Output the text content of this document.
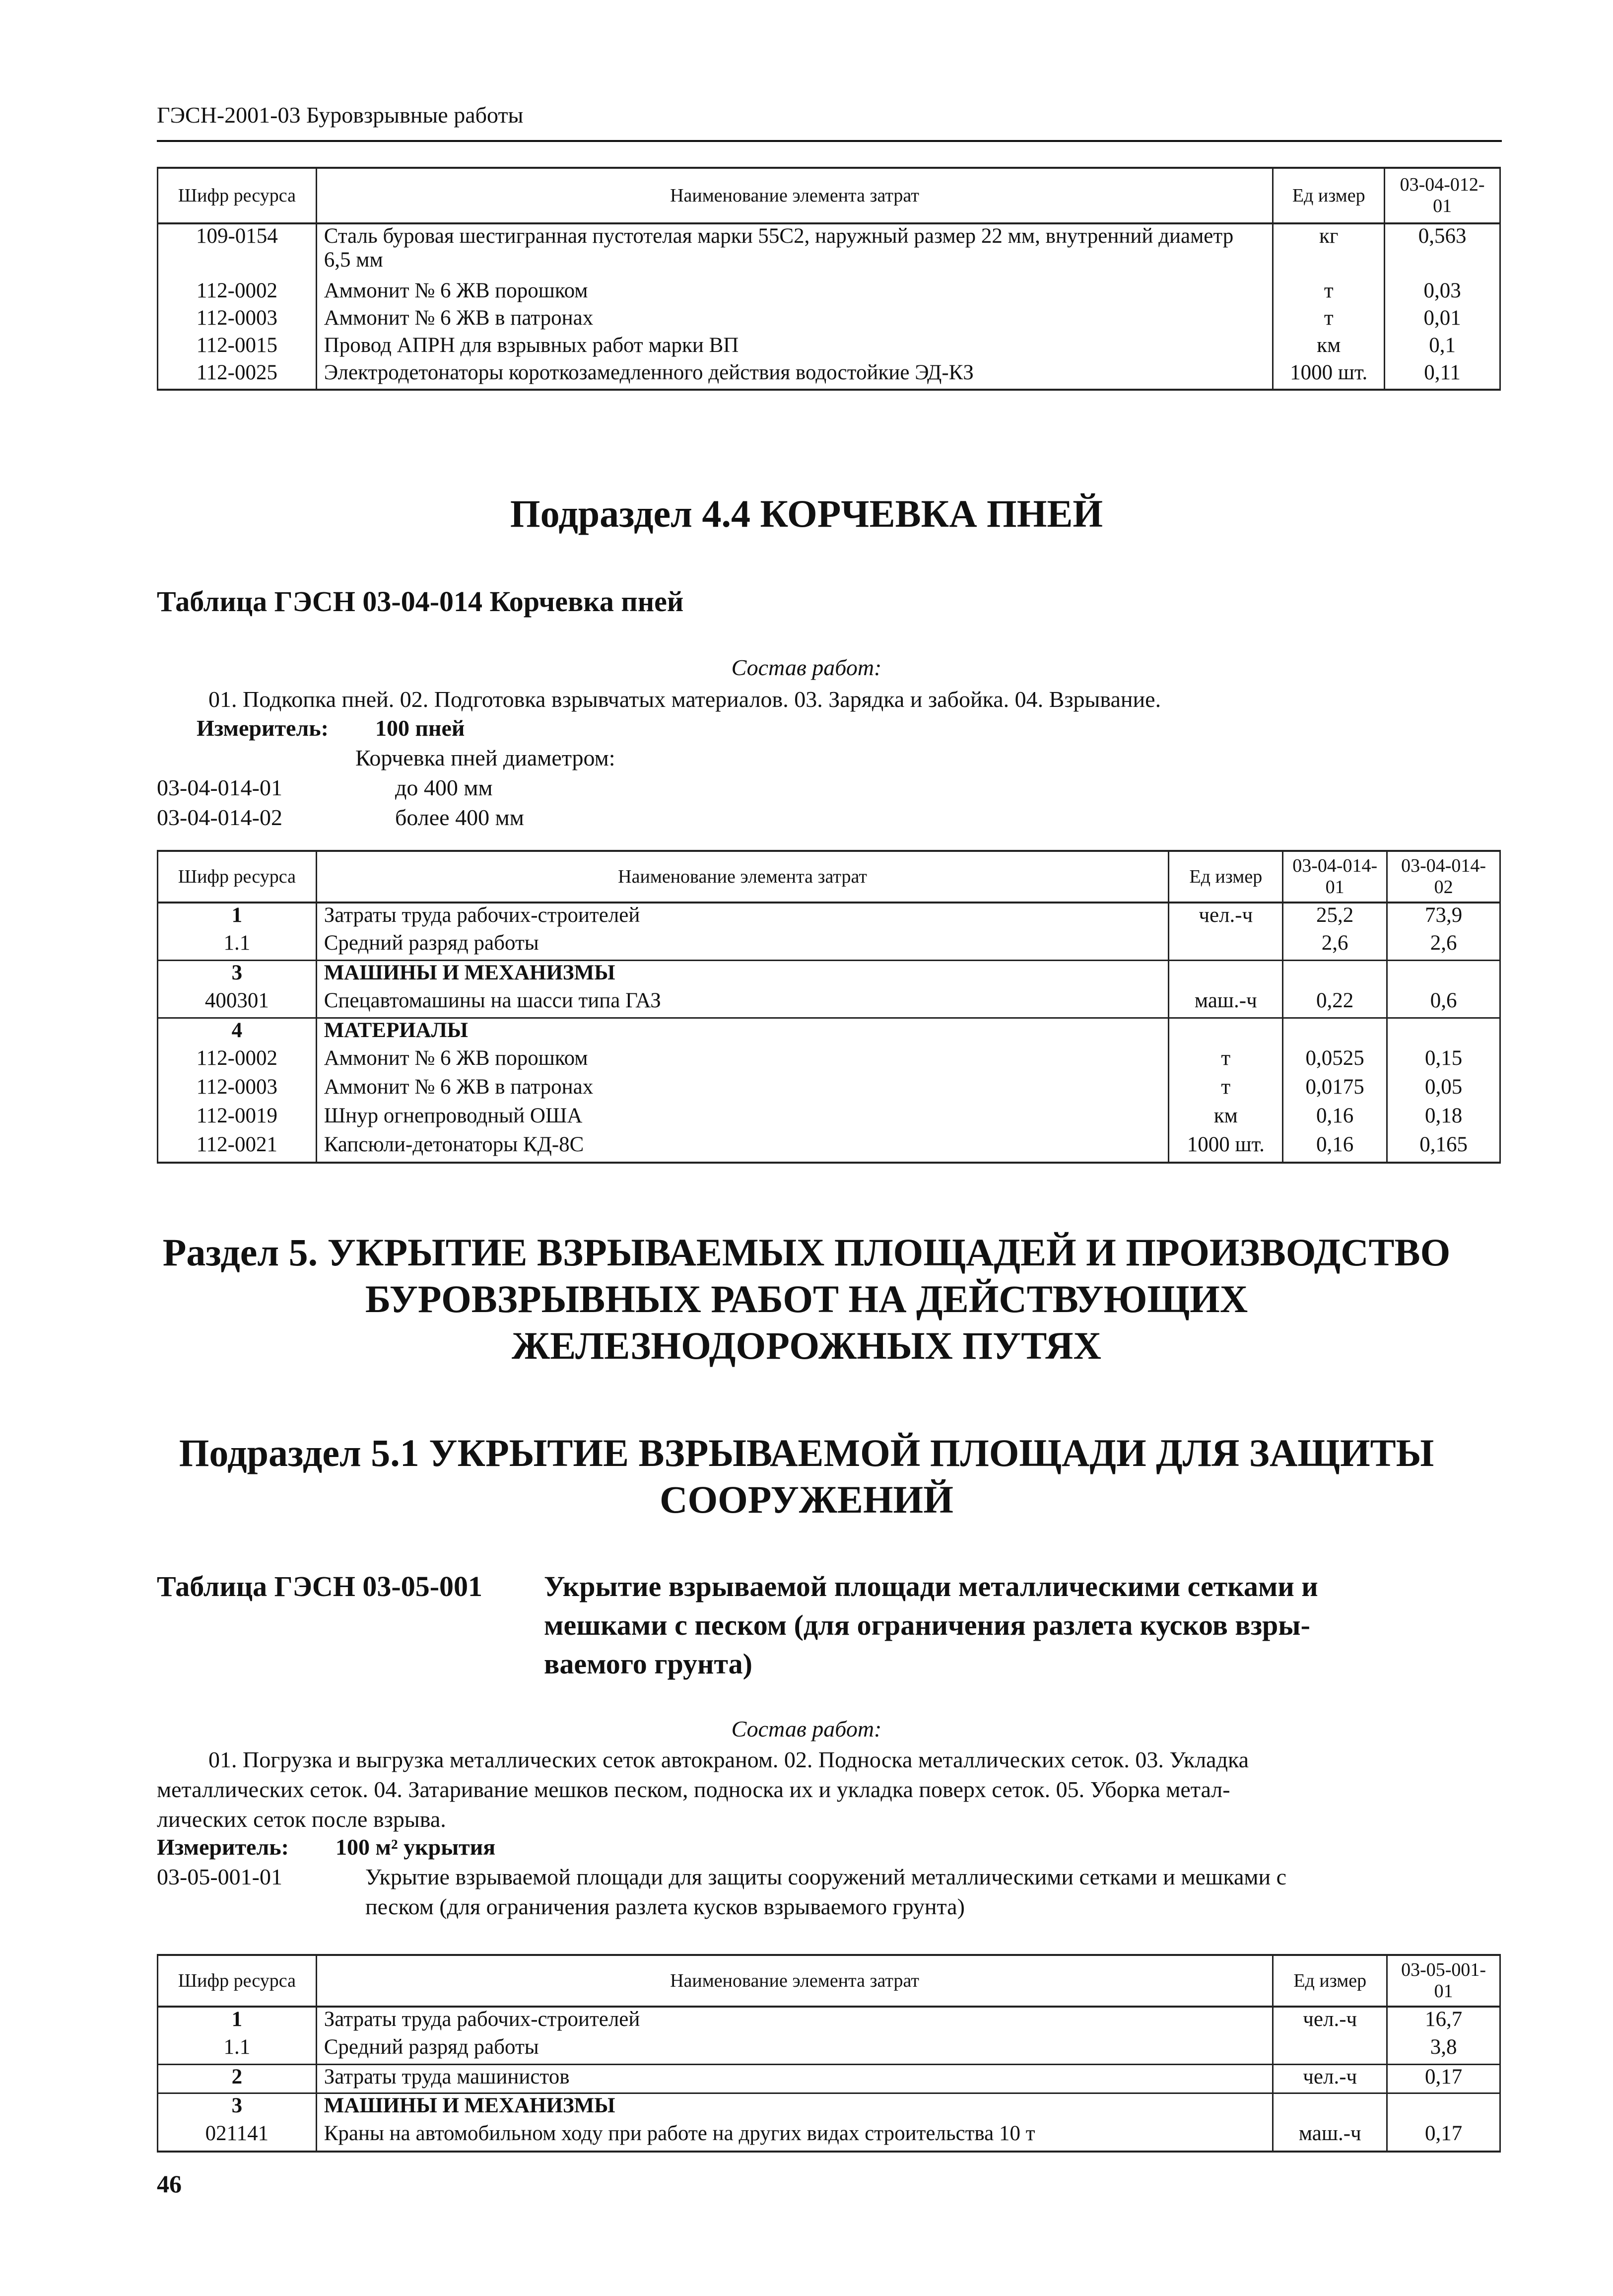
ГЭСН-2001-03 Буровзрывные работы
Шифр ресурса	Наименование элемента затрат	Ед измер	03-04-012-01
109-0154	Сталь буровая шестигранная пустотелая марки 55С2, наружный размер 22 мм, внутренний диаметр 6,5 мм	кг	0,563
112-0002	Аммонит № 6 ЖВ порошком	т	0,03
112-0003	Аммонит № 6 ЖВ в патронах	т	0,01
112-0015	Провод АПРН для взрывных работ марки ВП	км	0,1
112-0025	Электродетонаторы короткозамедленного действия водостойкие ЭД-КЗ	1000 шт.	0,11
Подраздел 4.4 КОРЧЕВКА ПНЕЙ
Таблица ГЭСН 03-04-014 Корчевка пней
Состав работ:
01. Подкопка пней. 02. Подготовка взрывчатых материалов. 03. Зарядка и забойка. 04. Взрывание.
Измеритель: 100 пней
Корчевка пней диаметром:
03-04-014-01	до 400 мм
03-04-014-02	более 400 мм
Шифр ресурса	Наименование элемента затрат	Ед измер	03-04-014-01	03-04-014-02
1	Затраты труда рабочих-строителей	чел.-ч	25,2	73,9
1.1	Средний разряд работы		2,6	2,6
3	МАШИНЫ И МЕХАНИЗМЫ			
400301	Спецавтомашины на шасси типа ГАЗ	маш.-ч	0,22	0,6
4	МАТЕРИАЛЫ			
112-0002	Аммонит № 6 ЖВ порошком	т	0,0525	0,15
112-0003	Аммонит № 6 ЖВ в патронах	т	0,0175	0,05
112-0019	Шнур огнепроводный ОША	км	0,16	0,18
112-0021	Капсюли-детонаторы КД-8С	1000 шт.	0,16	0,165
Раздел 5. УКРЫТИЕ ВЗРЫВАЕМЫХ ПЛОЩАДЕЙ И ПРОИЗВОДСТВО
БУРОВЗРЫВНЫХ РАБОТ НА ДЕЙСТВУЮЩИХ
ЖЕЛЕЗНОДОРОЖНЫХ ПУТЯХ
Подраздел 5.1 УКРЫТИЕ ВЗРЫВАЕМОЙ ПЛОЩАДИ ДЛЯ ЗАЩИТЫ
СООРУЖЕНИЙ
Таблица ГЭСН 03-05-001 Укрытие взрываемой площади металлическими сетками и
мешками с песком (для ограничения разлета кусков взры-
ваемого грунта)
Состав работ:
01. Погрузка и выгрузка металлических сеток автокраном. 02. Подноска металлических сеток. 03. Укладка
металлических сеток. 04. Затаривание мешков песком, подноска их и укладка поверх сеток. 05. Уборка метал-
лических сеток после взрыва.
Измеритель: 100 м² укрытия
03-05-001-01	Укрытие взрываемой площади для защиты сооружений металлическими сетками и мешками с
песком (для ограничения разлета кусков взрываемого грунта)
Шифр ресурса	Наименование элемента затрат	Ед измер	03-05-001-01
1	Затраты труда рабочих-строителей	чел.-ч	16,7
1.1	Средний разряд работы		3,8
2	Затраты труда машинистов	чел.-ч	0,17
3	МАШИНЫ И МЕХАНИЗМЫ		
021141	Краны на автомобильном ходу при работе на других видах строительства 10 т	маш.-ч	0,17
46
